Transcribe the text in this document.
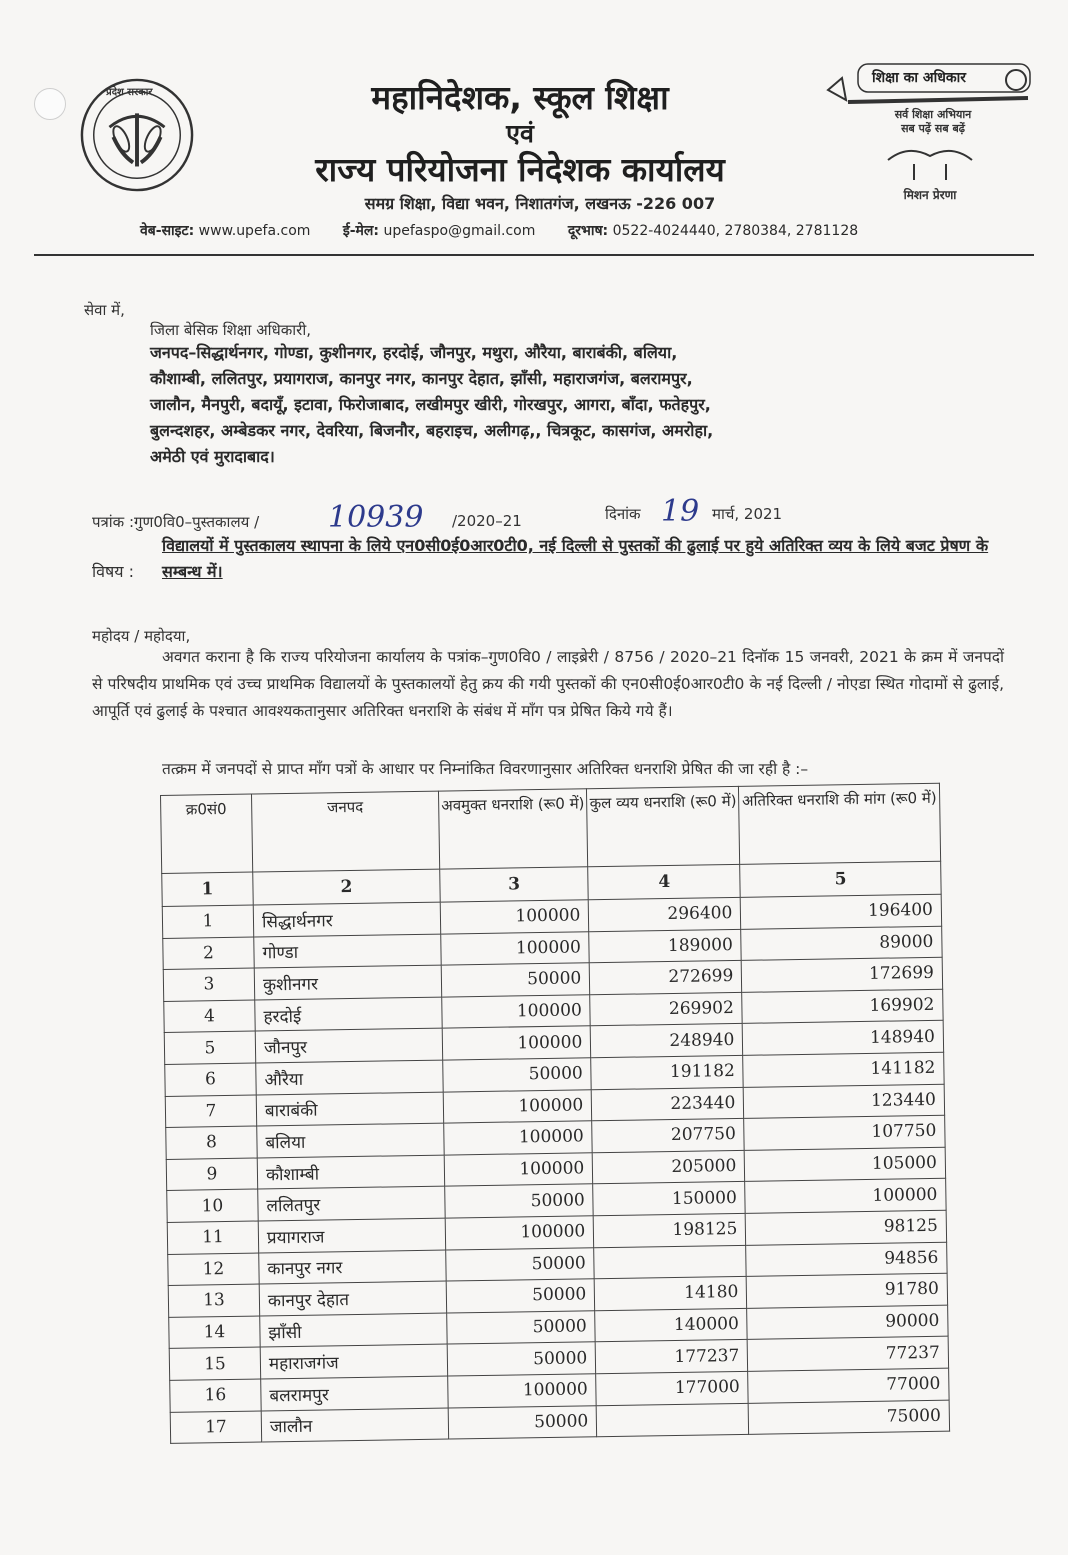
प्रदेश सरकार	महानिदेशक, स्कूल शिक्षा
एवं
राज्य परियोजना निदेशक कार्यालय
समग्र शिक्षा, विद्या भवन, निशातगंज, लखनऊ -226 007
वेब-साइट: www.upefa.com ई-मेल: upefaspo@gmail.com दूरभाष: 0522-4024440, 2780384, 2781128
शिक्षा का अधिकार
सर्व शिक्षा अभियान
सब पढ़ें सब बढ़ें
मिशन प्रेरणा
सेवा में,
जिला बेसिक शिक्षा अधिकारी,
जनपद–सिद्धार्थनगर, गोण्डा, कुशीनगर, हरदोई, जौनपुर, मथुरा, औरैया, बाराबंकी, बलिया, कौशाम्बी, ललितपुर, प्रयागराज, कानपुर नगर, कानपुर देहात, झाँसी, महाराजगंज, बलरामपुर, जालौन, मैनपुरी, बदायूँ, इटावा, फिरोजाबाद, लखीमपुर खीरी, गोरखपुर, आगरा, बाँदा, फतेहपुर, बुलन्दशहर, अम्बेडकर नगर, देवरिया, बिजनौर, बहराइच, अलीगढ़,, चित्रकूट, कासगंज, अमरोहा, अमेठी एवं मुरादाबाद।
पत्रांक :गुण0वि0–पुस्तकालय / 10939 /2020–21	दिनांक 19 मार्च, 2021
विषय :
विद्यालयों में पुस्तकालय स्थापना के लिये एन0सी0ई0आर0टी0, नई दिल्ली से पुस्तकों की ढुलाई पर हुये अतिरिक्त व्यय के लिये बजट प्रेषण के सम्बन्ध में।
महोदय / महोदया,
अवगत कराना है कि राज्य परियोजना कार्यालय के पत्रांक–गुण0वि0 / लाइब्रेरी / 8756 / 2020–21 दिनॉक 15 जनवरी, 2021 के क्रम में जनपदों से परिषदीय प्राथमिक एवं उच्च प्राथमिक विद्यालयों के पुस्तकालयों हेतु क्रय की गयी पुस्तकों की एन0सी0ई0आर0टी0 के नई दिल्ली / नोएडा स्थित गोदामों से ढुलाई, आपूर्ति एवं ढुलाई के पश्चात आवश्यकतानुसार अतिरिक्त धनराशि के संबंध में माँग पत्र प्रेषित किये गये हैं।
तत्क्रम में जनपदों से प्राप्त माँग पत्रों के आधार पर निम्नांकित विवरणानुसार अतिरिक्त धनराशि प्रेषित की जा रही है :–
क्र0सं0	जनपद	अवमुक्त धनराशि (रू0 में)	कुल व्यय धनराशि (रू0 में)	अतिरिक्त धनराशि की मांग (रू0 में)
1	2	3	4	5
1	सिद्धार्थनगर	100000	296400	196400
2	गोण्डा	100000	189000	89000
3	कुशीनगर	50000	272699	172699
4	हरदोई	100000	269902	169902
5	जौनपुर	100000	248940	148940
6	औरैया	50000	191182	141182
7	बाराबंकी	100000	223440	123440
8	बलिया	100000	207750	107750
9	कौशाम्बी	100000	205000	105000
10	ललितपुर	50000	150000	100000
11	प्रयागराज	100000	198125	98125
12	कानपुर नगर	50000		94856
13	कानपुर देहात	50000	14180	91780
14	झाँसी	50000	140000	90000
15	महाराजगंज	50000	177237	77237
16	बलरामपुर	100000	177000	77000
17	जालौन	50000		75000
